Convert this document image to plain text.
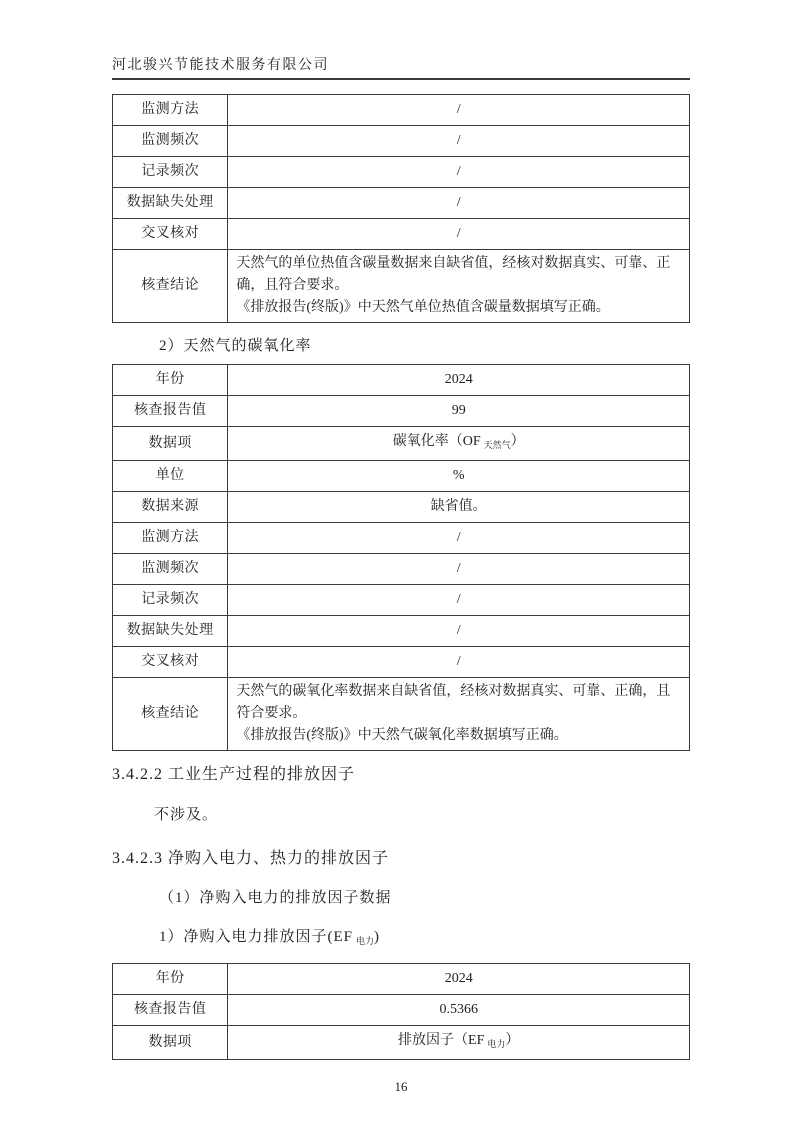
河北骏兴节能技术服务有限公司
监测方法	/
监测频次	/
记录频次	/
数据缺失处理	/
交叉核对	/
核查结论	天然气的单位热值含碳量数据来自缺省值，经核对数据真实、可靠、正确，且符合要求。
《排放报告(终版)》中天然气单位热值含碳量数据填写正确。
2）天然气的碳氧化率
年份	2024
核查报告值	99
数据项	碳氧化率（OF $_{天然气}$）
单位	%
数据来源	缺省值。
监测方法	/
监测频次	/
记录频次	/
数据缺失处理	/
交叉核对	/
核查结论	天然气的碳氧化率数据来自缺省值，经核对数据真实、可靠、正确，且符合要求。
《排放报告(终版)》中天然气碳氧化率数据填写正确。
3.4.2.2 工业生产过程的排放因子

不涉及。

3.4.2.3 净购入电力、热力的排放因子

（1）净购入电力的排放因子数据

1）净购入电力排放因子(EF $_{电力}$)

年份	2024
核查报告值	0.5366
数据项	排放因子（EF $_{电力}$）
16
